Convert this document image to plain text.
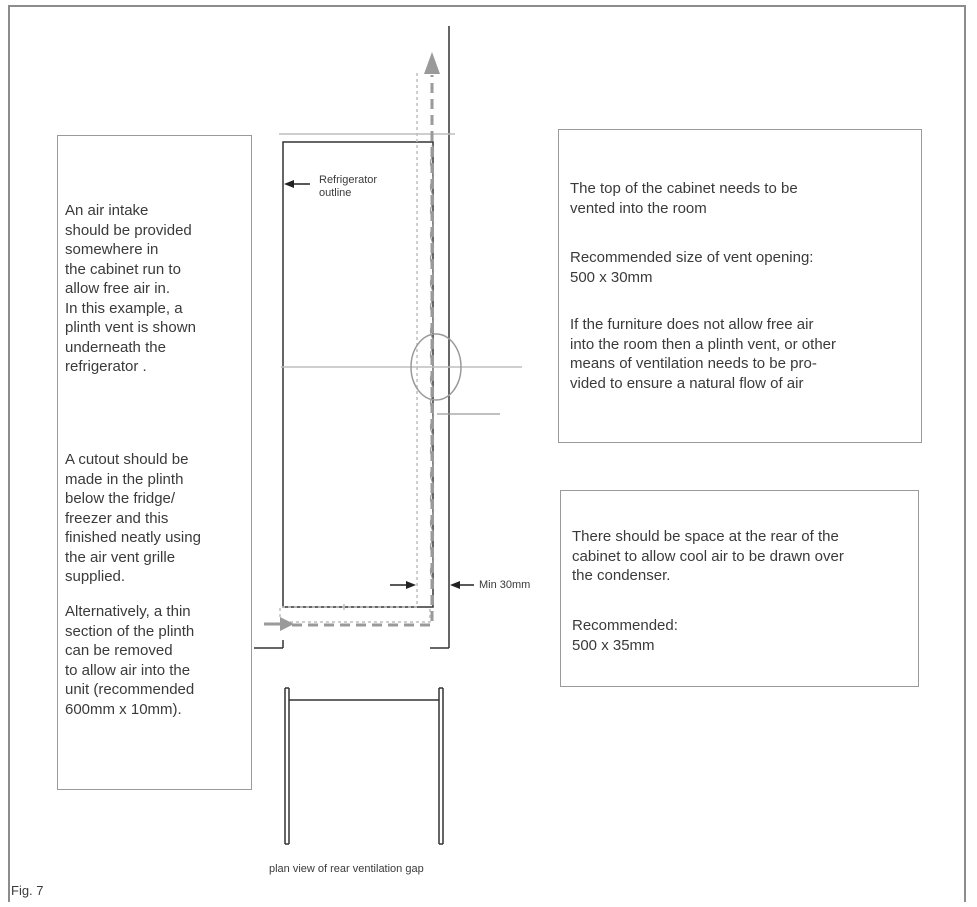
An air intake
should be provided
somewhere in
the cabinet run to
allow free air in.
In this example, a
plinth vent is shown
underneath the
refrigerator .
A cutout should be
made in the plinth
below the fridge/
freezer and this
finished neatly using
the air vent grille
supplied.
Alternatively, a thin
section of the plinth
can be removed
to allow air into the
unit (recommended
600mm x 10mm).
The top of the cabinet needs to be
vented into the room
Recommended size of vent opening:
500 x 30mm
If the furniture does not allow free air
into the room then a plinth vent, or other
means of ventilation needs to be pro-
vided to ensure a natural flow of air
There should be space at the rear of the
cabinet to allow cool air to be drawn over
the condenser.
Recommended:
500 x 35mm
Refrigerator
outline
Min 30mm
plan view of rear ventilation gap
Fig. 7
